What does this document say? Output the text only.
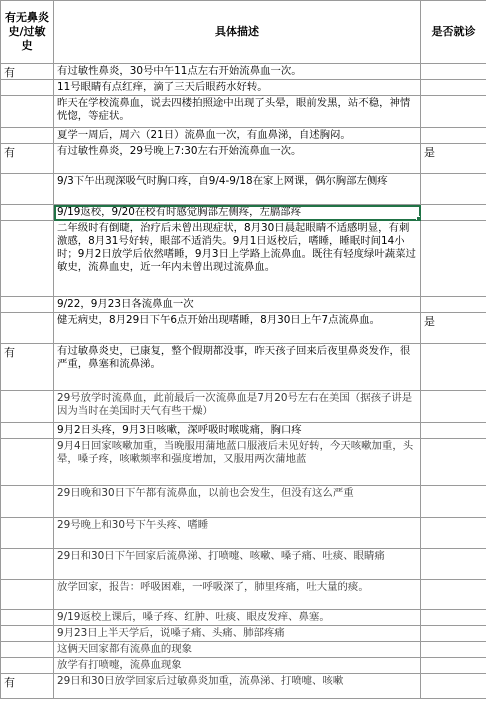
有无鼻炎史/过敏史	具体描述	是否就诊
有	有过敏性鼻炎，30号中午11点左右开始流鼻血一次。	
	11号眼睛有点红痒，滴了三天后眼药水好转。	
	昨天在学校流鼻血，说去四楼拍照途中出现了头晕，眼前发黑，站不稳，神情恍惚，等症状。	
	夏学一周后，周六（21日）流鼻血一次，有血鼻涕，自述胸闷。	
有	有过敏性鼻炎，29号晚上7:30左右开始流鼻血一次。	是
	9/3下午出现深吸气时胸口疼，自9/4-9/18在家上网课，偶尔胸部左侧疼	
	9/19返校，9/20在校有时感觉胸部左侧疼，左膈部疼

	二年级时有倒睫，治疗后未曾出现症状，8月30日晨起眼睛不适感明显，有刺激感，8月31号好转，眼部不适消失。9月1日返校后，嗜睡，睡眠时间14小时；9月2日放学后依然嗜睡，9月3日上学路上流鼻血。既往有轻度绿叶蔬菜过敏史，流鼻血史，近一年内未曾出现过流鼻血。	
	9/22，9月23日各流鼻血一次	
	健无病史，8月29日下午6点开始出现嗜睡，8月30日上午7点流鼻血。	是
有	有过敏鼻炎史，已康复，整个假期都没事，昨天孩子回来后夜里鼻炎发作，很严重，鼻塞和流鼻涕。	
	29号放学时流鼻血，此前最后一次流鼻血是7月20号左右在美国（据孩子讲是因为当时在美国时天气有些干燥）	
	9月2日头疼，9月3日咳嗽，深呼吸时喉咙痛，胸口疼	
	9月4日回家咳嗽加重，当晚服用蒲地蓝口服液后未见好转，今天咳嗽加重，头晕，嗓子疼，咳嗽频率和强度增加，又服用两次蒲地蓝	
	29日晚和30日下午都有流鼻血，以前也会发生，但没有这么严重	
	29号晚上和30号下午头疼、嗜睡	
	29日和30日下午回家后流鼻涕、打喷嚏、咳嗽、嗓子痛、吐痰、眼睛痛	
	放学回家，报告：呼吸困难，一呼吸深了，肺里疼痛，吐大量的痰。	
	9/19返校上课后，嗓子疼、红肿、吐痰、眼皮发痒、鼻塞。	
	9月23日上半天学后，说嗓子痛、头痛、肺部疼痛	
	这俩天回家都有流鼻血的现象	
	放学有打喷嚏，流鼻血现象	
有	29日和30日放学回家后过敏鼻炎加重，流鼻涕、打喷嚏、咳嗽	
